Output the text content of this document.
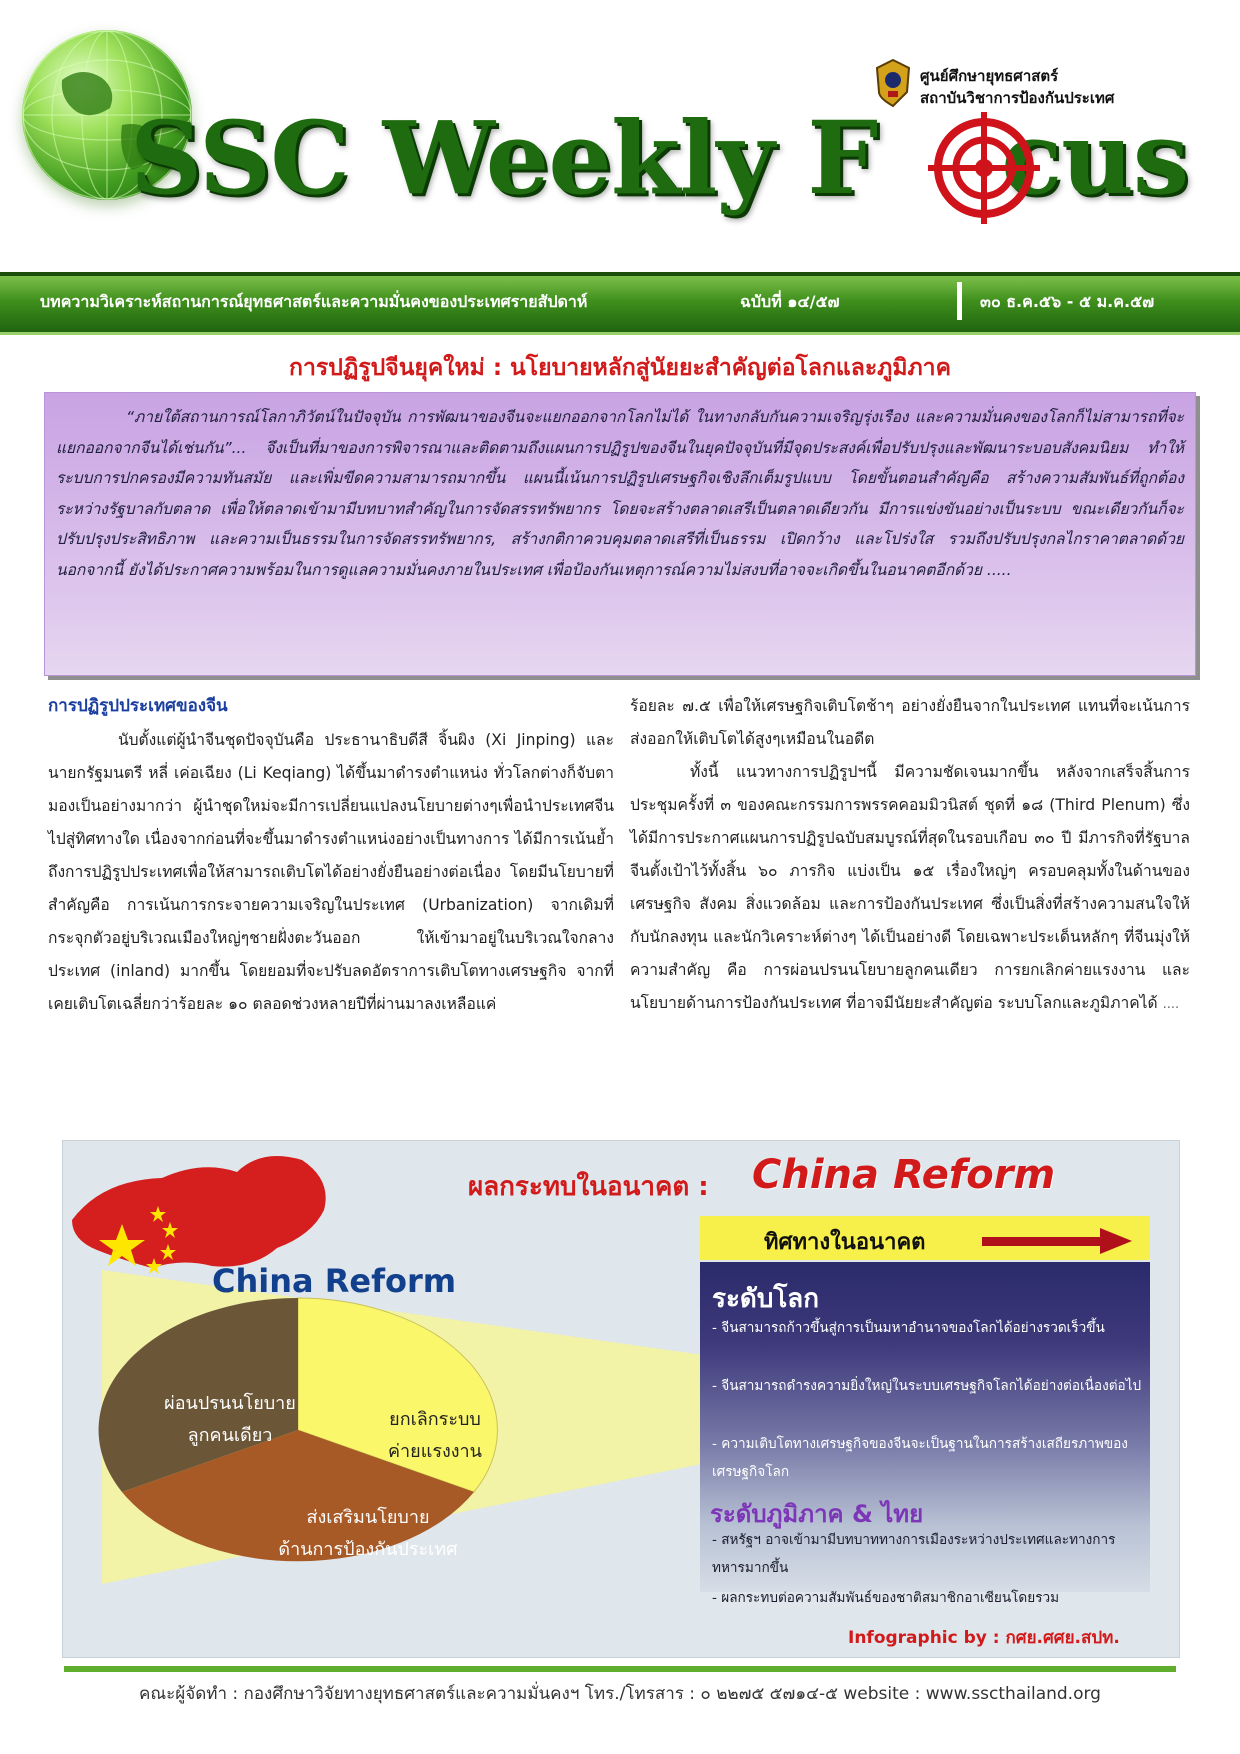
SSC Weekly F cus
ศูนย์ศึกษายุทธศาสตร์
สถาบันวิชาการป้องกันประเทศ
บทความวิเคราะห์สถานการณ์ยุทธศาสตร์และความมั่นคงของประเทศรายสัปดาห์	ฉบับที่ ๑๔/๕๗	๓๐ ธ.ค.๕๖ - ๕ ม.ค.๕๗
การปฏิรูปจีนยุคใหม่ : นโยบายหลักสู่นัยยะสำคัญต่อโลกและภูมิภาค
“ภายใต้สถานการณ์โลกาภิวัตน์ในปัจจุบัน การพัฒนาของจีนจะแยกออกจากโลกไม่ได้ ในทางกลับกันความเจริญรุ่งเรือง และความมั่นคงของโลกก็ไม่สามารถที่จะแยกออกจากจีนได้เช่นกัน”... จึงเป็นที่มาของการพิจารณาและติดตามถึงแผนการปฏิรูปของจีนในยุคปัจจุบันที่มีจุดประสงค์เพื่อปรับปรุงและพัฒนาระบอบสังคมนิยม ทำให้ระบบการปกครองมีความทันสมัย และเพิ่มขีดความสามารถมากขึ้น แผนนี้เน้นการปฏิรูปเศรษฐกิจเชิงลึกเต็มรูปแบบ โดยขั้นตอนสำคัญคือ สร้างความสัมพันธ์ที่ถูกต้องระหว่างรัฐบาลกับตลาด เพื่อให้ตลาดเข้ามามีบทบาทสำคัญในการจัดสรรทรัพยากร โดยจะสร้างตลาดเสรีเป็นตลาดเดียวกัน มีการแข่งขันอย่างเป็นระบบ ขณะเดียวกันก็จะปรับปรุงประสิทธิภาพ และความเป็นธรรมในการจัดสรรทรัพยากร, สร้างกติกาควบคุมตลาดเสรีที่เป็นธรรม เปิดกว้าง และโปร่งใส รวมถึงปรับปรุงกลไกราคาตลาดด้วย นอกจากนี้ ยังได้ประกาศความพร้อมในการดูแลความมั่นคงภายในประเทศ เพื่อป้องกันเหตุการณ์ความไม่สงบที่อาจจะเกิดขึ้นในอนาคตอีกด้วย .....
การปฏิรูปประเทศของจีน
นับตั้งแต่ผู้นำจีนชุดปัจจุบันคือ ประธานาธิบดีสี จิ้นผิง (Xi Jinping) และนายกรัฐมนตรี หลี่ เค่อเฉียง (Li Keqiang) ได้ขึ้นมาดำรงตำแหน่ง ทั่วโลกต่างก็จับตามองเป็นอย่างมากว่า ผู้นำชุดใหม่จะมีการเปลี่ยนแปลงนโยบายต่างๆเพื่อนำประเทศจีนไปสู่ทิศทางใด เนื่องจากก่อนที่จะขึ้นมาดำรงตำแหน่งอย่างเป็นทางการ ได้มีการเน้นย้ำถึงการปฏิรูปประเทศเพื่อให้สามารถเติบโตได้อย่างยั่งยืนอย่างต่อเนื่อง โดยมีนโยบายที่สำคัญคือ การเน้นการกระจายความเจริญในประเทศ (Urbanization) จากเดิมที่กระจุกตัวอยู่บริเวณเมืองใหญ่ๆชายฝั่งตะวันออก ให้เข้ามาอยู่ในบริเวณใจกลางประเทศ (inland) มากขึ้น โดยยอมที่จะปรับลดอัตราการเติบโตทางเศรษฐกิจ จากที่เคยเติบโตเฉลี่ยกว่าร้อยละ ๑๐ ตลอดช่วงหลายปีที่ผ่านมาลงเหลือแค่
ร้อยละ ๗.๕ เพื่อให้เศรษฐกิจเติบโตช้าๆ อย่างยั่งยืนจากในประเทศ แทนที่จะเน้นการส่งออกให้เติบโตได้สูงๆเหมือนในอดีต
ทั้งนี้ แนวทางการปฏิรูปฯนี้ มีความชัดเจนมากขึ้น หลังจากเสร็จสิ้นการประชุมครั้งที่ ๓ ของคณะกรรมการพรรคคอมมิวนิสต์ ชุดที่ ๑๘ (Third Plenum) ซึ่งได้มีการประกาศแผนการปฏิรูปฉบับสมบูรณ์ที่สุดในรอบเกือบ ๓๐ ปี มีภารกิจที่รัฐบาลจีนตั้งเป้าไว้ทั้งสิ้น ๖๐ ภารกิจ แบ่งเป็น ๑๕ เรื่องใหญ่ๆ ครอบคลุมทั้งในด้านของเศรษฐกิจ สังคม สิ่งแวดล้อม และการป้องกันประเทศ ซึ่งเป็นสิ่งที่สร้างความสนใจให้กับนักลงทุน และนักวิเคราะห์ต่างๆ ได้เป็นอย่างดี โดยเฉพาะประเด็นหลักๆ ที่จีนมุ่งให้ความสำคัญ คือ การผ่อนปรนนโยบายลูกคนเดียว การยกเลิกค่ายแรงงาน และนโยบายด้านการป้องกันประเทศ ที่อาจมีนัยยะสำคัญต่อ ระบบโลกและภูมิภาคได้ ....
ผลกระทบในอนาคต : China Reform
China Reform
ผ่อนปรนนโยบาย
ลูกคนเดียว
ยกเลิกระบบ
ค่ายแรงงาน
ส่งเสริมนโยบาย
ด้านการป้องกันประเทศ
ทิศทางในอนาคต
ระดับโลก
- จีนสามารถก้าวขึ้นสู่การเป็นมหาอำนาจของโลกได้อย่างรวดเร็วขึ้น
- จีนสามารถดำรงความยิ่งใหญ่ในระบบเศรษฐกิจโลกได้อย่างต่อเนื่องต่อไป
- ความเติบโตทางเศรษฐกิจของจีนจะเป็นฐานในการสร้างเสถียรภาพของเศรษฐกิจโลก
ระดับภูมิภาค & ไทย
- สหรัฐฯ อาจเข้ามามีบทบาททางการเมืองระหว่างประเทศและทางการทหารมากขึ้น
- ผลกระทบต่อความสัมพันธ์ของชาติสมาชิกอาเซียนโดยรวม
Infographic by : กศย.ศศย.สปท.
คณะผู้จัดทำ : กองศึกษาวิจัยทางยุทธศาสตร์และความมั่นคงฯ โทร./โทรสาร : ๐ ๒๒๗๕ ๕๗๑๔-๕ website : www.sscthailand.org
